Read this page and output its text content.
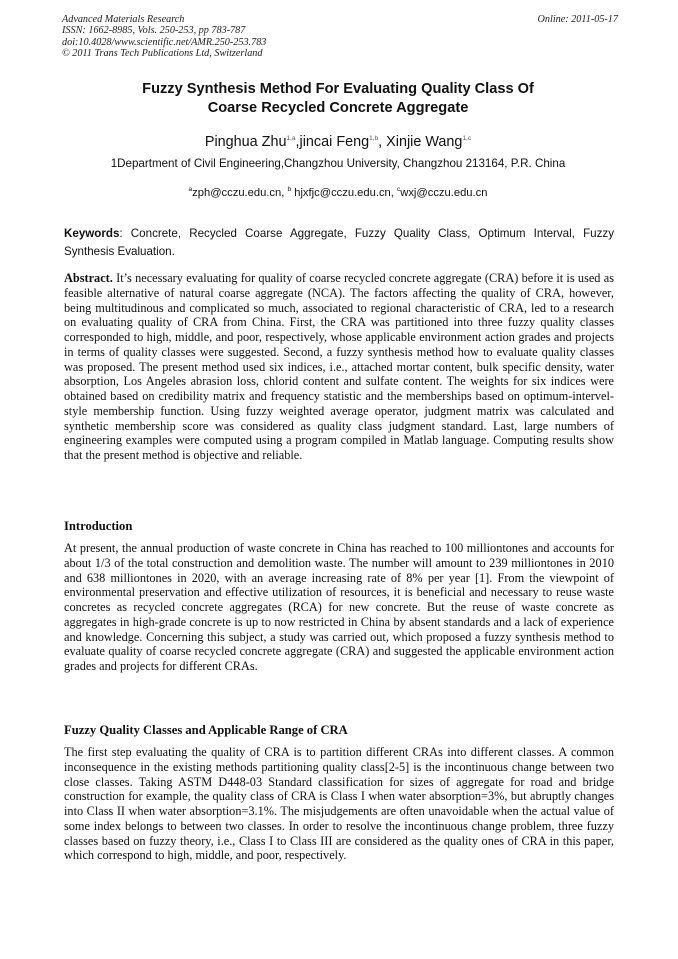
Advanced Materials Research
ISSN: 1662-8985, Vols. 250-253, pp 783-787
doi:10.4028/www.scientific.net/AMR.250-253.783
© 2011 Trans Tech Publications Ltd, Switzerland
Online: 2011-05-17
Fuzzy Synthesis Method For Evaluating Quality Class Of
Coarse Recycled Concrete Aggregate
Pinghua Zhu$^{1,a}$,jincai Feng$^{1,b}$, Xinjie Wang$^{1,c}$
1Department of Civil Engineering,Changzhou University, Changzhou 213164, P.R. China
$^a$zph@cczu.edu.cn, $^b$ hjxfjc@cczu.edu.cn, $^c$wxj@cczu.edu.cn
Keywords: Concrete, Recycled Coarse Aggregate, Fuzzy Quality Class, Optimum Interval, Fuzzy Synthesis Evaluation.
Abstract. It’s necessary evaluating for quality of coarse recycled concrete aggregate (CRA) before it is used as feasible alternative of natural coarse aggregate (NCA). The factors affecting the quality of CRA, however, being multitudinous and complicated so much, associated to regional characteristic of CRA, led to a research on evaluating quality of CRA from China. First, the CRA was partitioned into three fuzzy quality classes corresponded to high, middle, and poor, respectively, whose applicable environment action grades and projects in terms of quality classes were suggested. Second, a fuzzy synthesis method how to evaluate quality classes was proposed. The present method used six indices, i.e., attached mortar content, bulk specific density, water absorption, Los Angeles abrasion loss, chlorid content and sulfate content. The weights for six indices were obtained based on credibility matrix and frequency statistic and the memberships based on optimum-intervel-style membership function. Using fuzzy weighted average operator, judgment matrix was calculated and synthetic membership score was considered as quality class judgment standard. Last, large numbers of engineering examples were computed using a program compiled in Matlab language. Computing results show that the present method is objective and reliable.
Introduction
At present, the annual production of waste concrete in China has reached to 100 milliontones and accounts for about 1/3 of the total construction and demolition waste. The number will amount to 239 milliontones in 2010 and 638 milliontones in 2020, with an average increasing rate of 8% per year [1]. From the viewpoint of environmental preservation and effective utilization of resources, it is beneficial and necessary to reuse waste concretes as recycled concrete aggregates (RCA) for new concrete. But the reuse of waste concrete as aggregates in high-grade concrete is up to now restricted in China by absent standards and a lack of experience and knowledge. Concerning this subject, a study was carried out, which proposed a fuzzy synthesis method to evaluate quality of coarse recycled concrete aggregate (CRA) and suggested the applicable environment action grades and projects for different CRAs.
Fuzzy Quality Classes and Applicable Range of CRA
The first step evaluating the quality of CRA is to partition different CRAs into different classes. A common inconsequence in the existing methods partitioning quality class[2-5] is the incontinuous change between two close classes. Taking ASTM D448-03 Standard classification for sizes of aggregate for road and bridge construction for example, the quality class of CRA is Class I when water absorption=3%, but abruptly changes into Class II when water absorption=3.1%. The misjudgements are often unavoidable when the actual value of some index belongs to between two classes. In order to resolve the incontinuous change problem, three fuzzy classes based on fuzzy theory, i.e., Class I to Class III are considered as the quality ones of CRA in this paper, which correspond to high, middle, and poor, respectively.
